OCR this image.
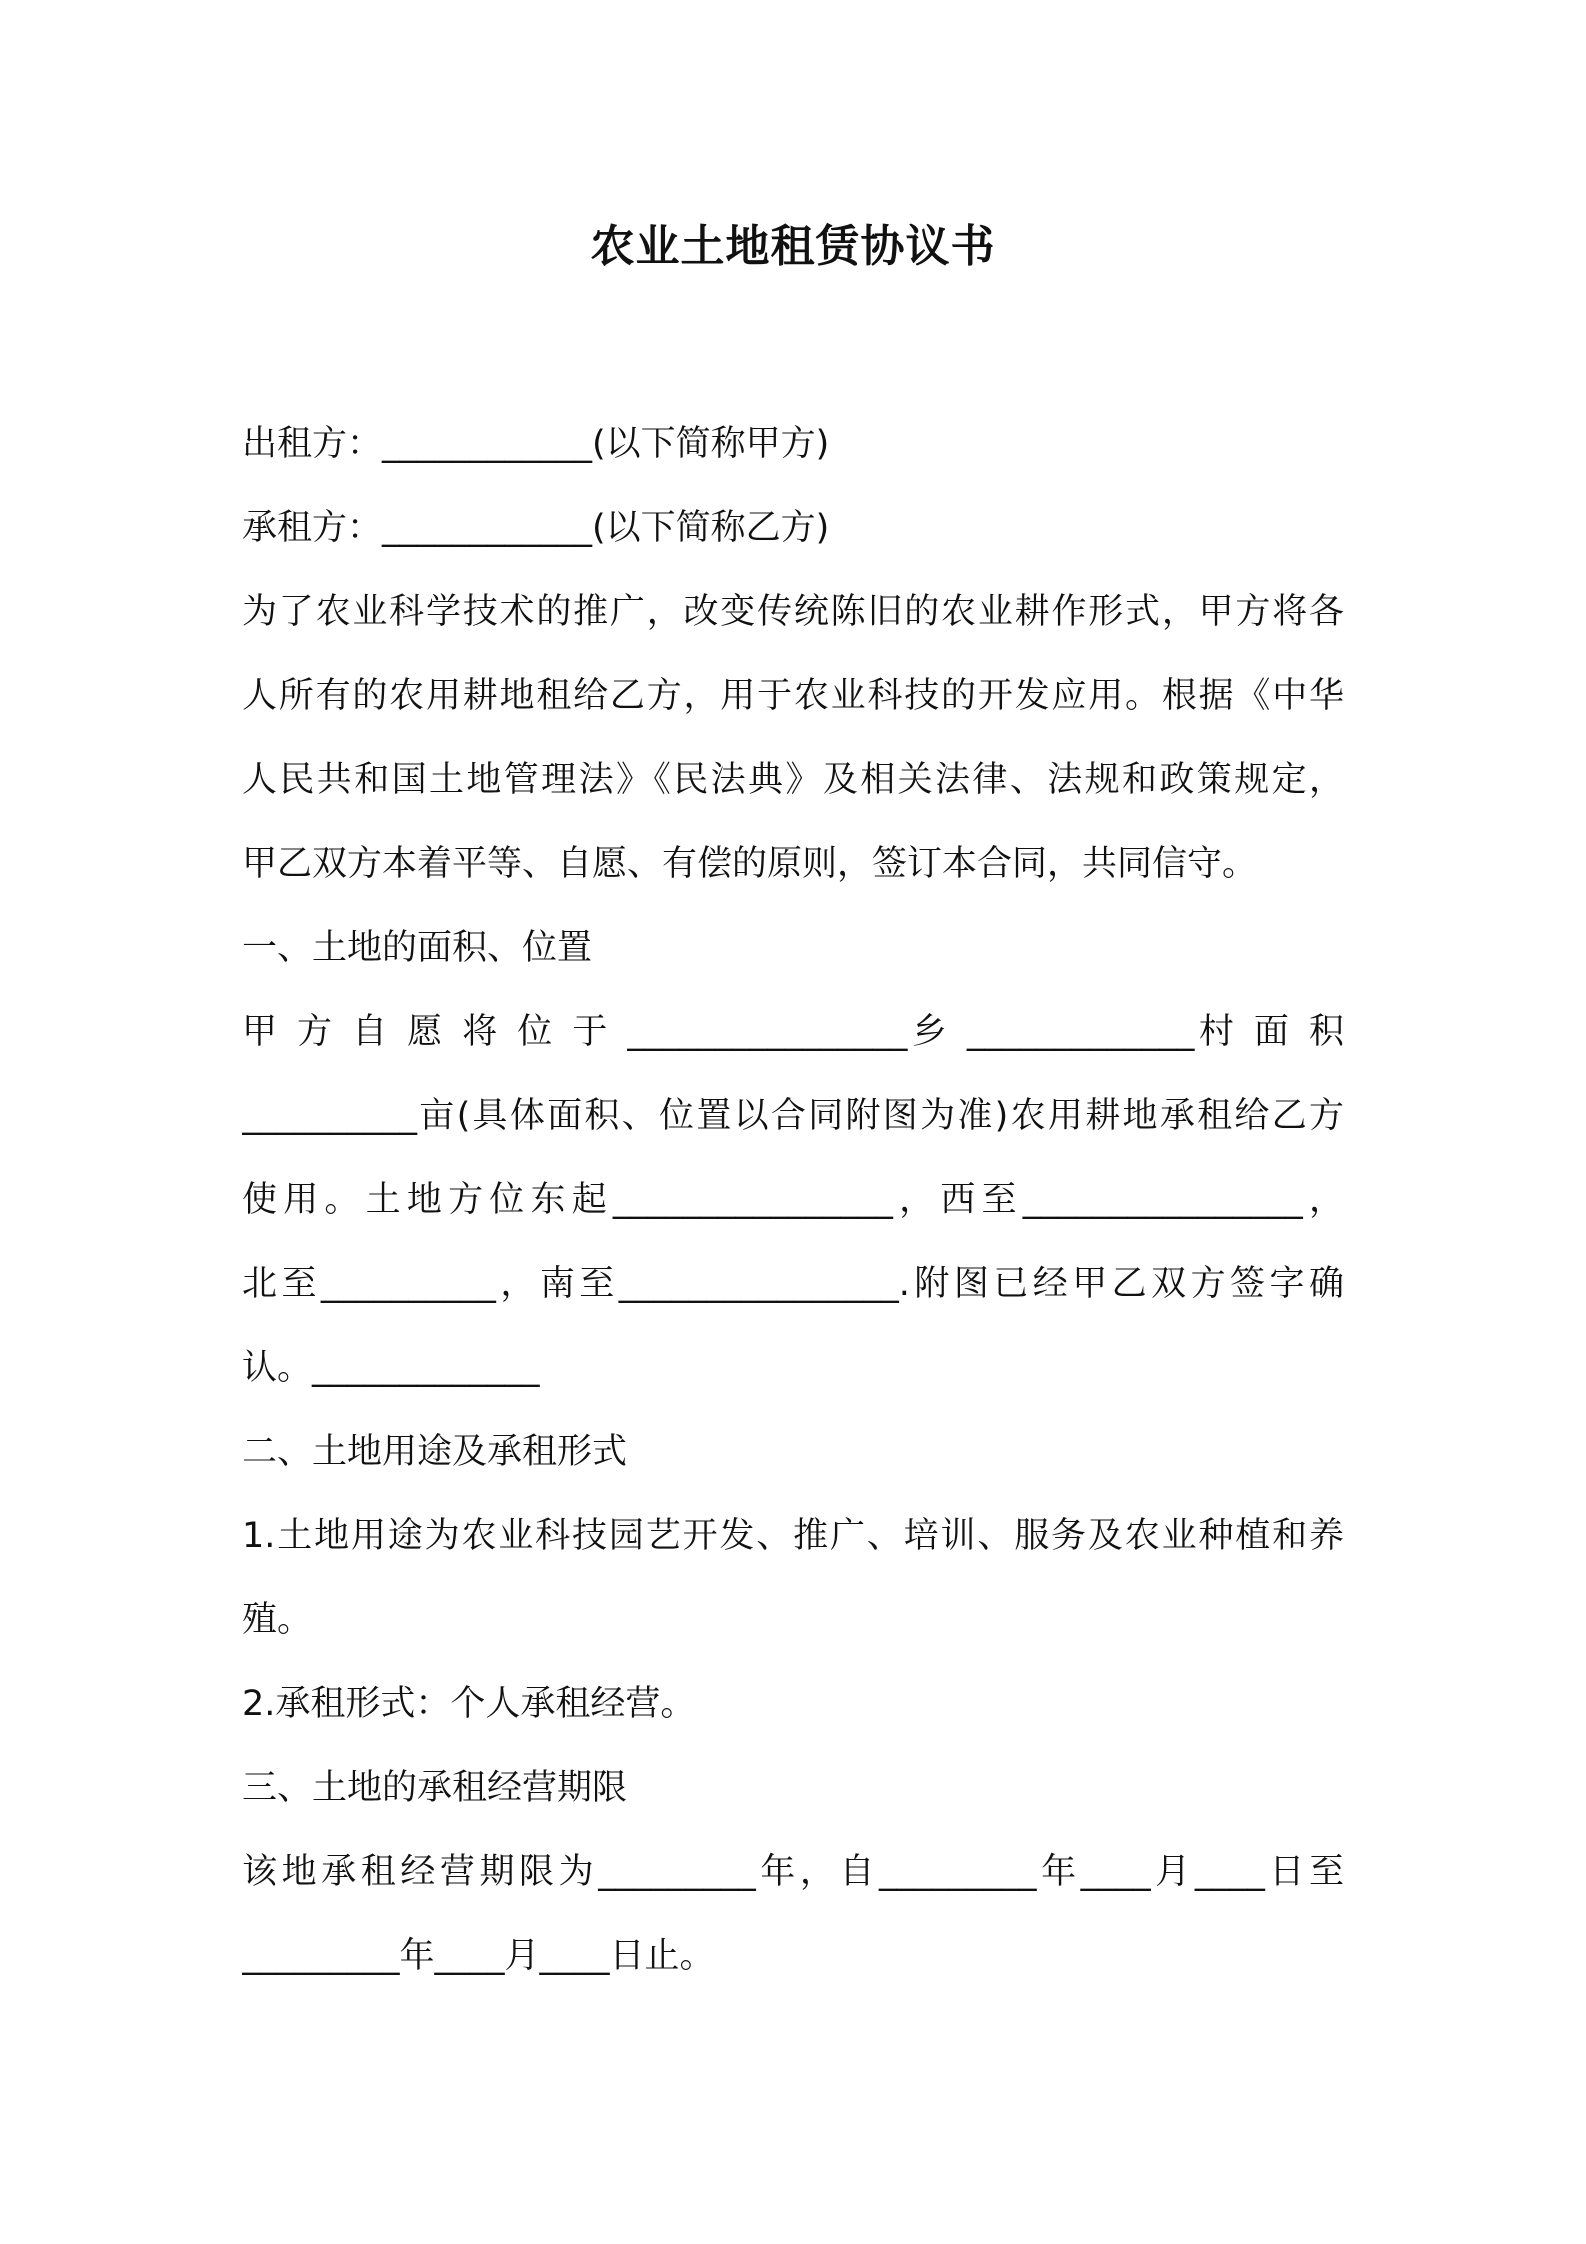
农业土地租赁协议书
出租方：____________(以下简称甲方)
承租方：____________(以下简称乙方)
为了农业科学技术的推广，改变传统陈旧的农业耕作形式，甲方将各
人所有的农用耕地租给乙方，用于农业科技的开发应用。根据《中华
人民共和国土地管理法》《民法典》及相关法律、法规和政策规定，
甲乙双方本着平等、自愿、有偿的原则，签订本合同，共同信守。
一、土地的面积、位置
甲 方 自 愿 将 位 于 ________________乡 _____________村 面 积
__________亩(具体面积、位置以合同附图为准)农用耕地承租给乙方
使用。土地方位东起________________，西至________________，
北至__________，南至________________.附图已经甲乙双方签字确
认。_____________
二、土地用途及承租形式
1.土地用途为农业科技园艺开发、推广、培训、服务及农业种植和养
殖。
2.承租形式：个人承租经营。
三、土地的承租经营期限
该地承租经营期限为_________年，自_________年____月____日至
_________年____月____日止。
